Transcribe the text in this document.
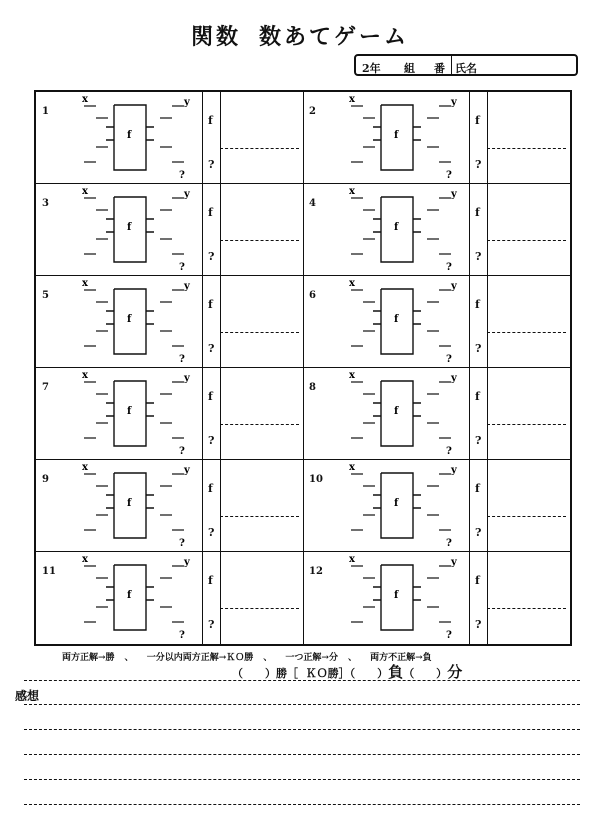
関数 数あてゲーム
2年 組 番 氏名
1
x	y
f
?
f
?
2
x	y
f
?
f
?
3
x	y
f
?
f
?
4
x	y
f
?
f
?
5
x	y
f
?
f
?
6
x	y
f
?
f
?
7
x	y
f
?
f
?
8
x	y
f
?
f
?
9
x	y
f
?
f
?
10
x	y
f
?
f
?
11
x	y
f
?
f
?
12
x	y
f
?
f
?
両方正解→勝 、 一分以内両方正解→ＫＯ勝 、 一つ正解→分 、 両方不正解→負
（　　）勝［ ＫＯ勝］（　　）負（　　）分
感想
